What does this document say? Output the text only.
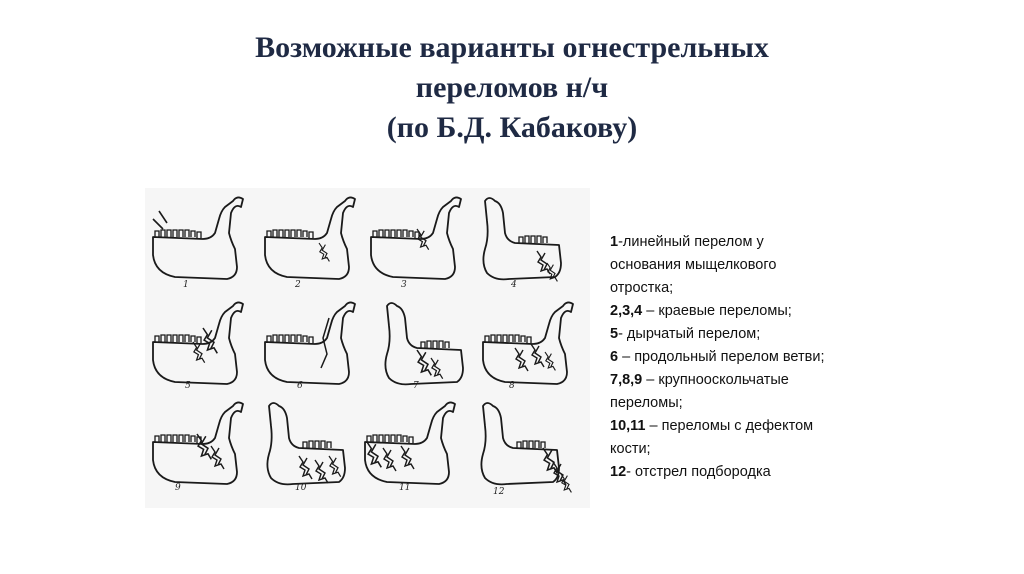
Возможные варианты огнестрельных
переломов н/ч
(по Б.Д. Кабакову)
1	2	3	4
5	6	7	8
9	10	11	12
1-линейный перелом у
основания мыщелкового
отростка;
2,3,4 – краевые переломы;
5- дырчатый перелом;
6 – продольный перелом ветви;
7,8,9 – крупнооскольчатые
переломы;
10,11 – переломы с дефектом
кости;
12- отстрел подбородка
